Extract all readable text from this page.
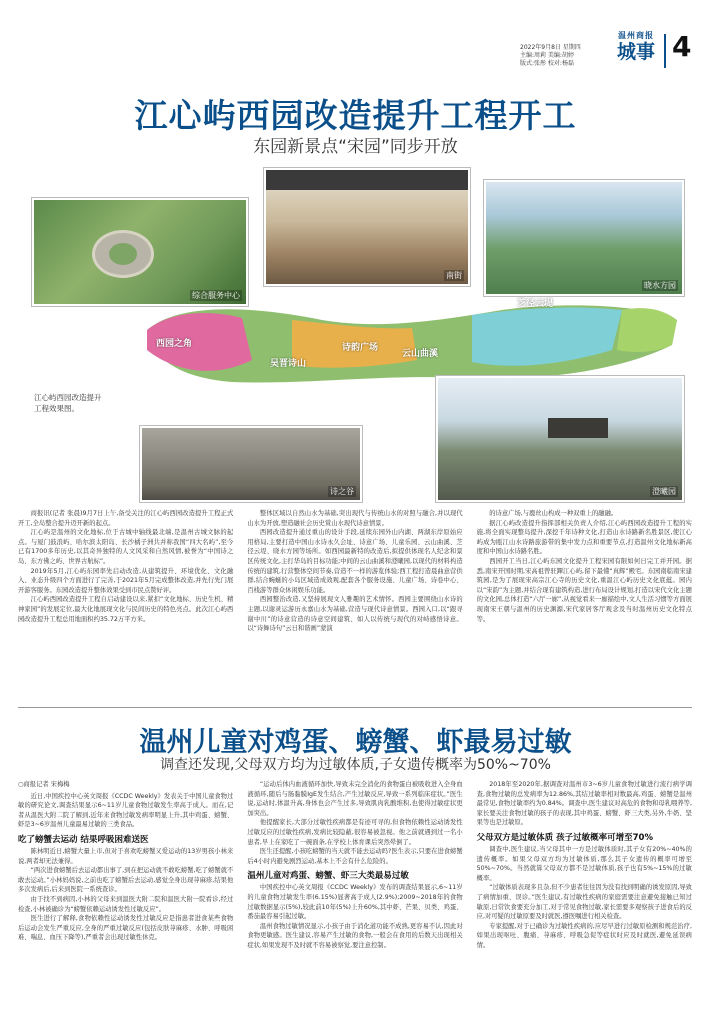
2022年9月8日 星期四
主编:周莉 美编:胡婷
版式:张彤 校对:杨磊
温州商报
城事 4
江心屿西园改造提升工程开工
东园新景点“宋园”同步开放
西园之角	诗韵广场
芝径云堤
云山曲溪
吴晋诗山
综合服务中心
南街
晓水方园
诗之谷	澄曦园
江心屿西园改造提升工程效果图。

商报讯(记者 张晨)9月7日上午,备受关注的江心屿西园改造提升工程正式开工,全岛整合提升迈开新的起点。

江心屿是温州的文化地标,位于古城中轴线最北端,是温州古城文脉的起点。与厦门鼓浪屿、哈尔滨太阳岛、长沙橘子洲共并称我国“四大名屿”,至今已有1700多年历史,以其奇异独特的人文风采和自然风情,被誉为“中国诗之岛、东方佛之屿、世界古航标”。

2019年5月,江心屿东园率先启动改造,从建筑提升、环境优化、文化融入、业态升级四个方面进行了完善,于2021年5月完成整体改造,并先行先门展开游客服务。东园改造提升整体效果受到市民点赞好评。

江心屿西园改造提升工程自启动建设以来,紧扣“文化地标、历史生机、精神家园”的发展定位,最大化地展现文化与民间历史的特色亮点。此次江心屿西园改造提升工程总用地面积约35.72万平方米。

整体区域以自然山水为基础,突出现代与传统山水的对照与融合,并以现代山水为开放,塑造融社会历史赏山水现代诗意情景。

西园改造提升通过重山的设计手段,延续东园外山内湖、两湖东岸原始应用格局,主要打造中国山水诗永久会址、诗意广场、儿童乐园、云山曲溪、芝径云堤、晓水方园等场所。如西园最新特的改造后,拟提供体现名人纪念和景区传统文化,主打华岛的目标功能;中间的云山曲溪和澄曦园,以现代的材料构造传统的建筑,行营整体空间节奏,营造不一样的游览体验;西工程打造晨曲意营供群,结合蜿蜒的小岛区域造成效观,配套各个服务设施、儿童广场、诗卷中心、百栈游等群众休闲娱乐功能。

西园整治改造,又坚持展现文人雅趣的艺术情怀。西园主要围绕山水诗的主题,以谢灵运游历永嘉山水为基础,营造与现代诗意情景。西园入口,以“跟寻谢中川”的诗意营造的诗意空间建筑、如人以传统与现代的对峙感悟诗意。以“诗舞诗句”云日和谐画”蒙演

的诗意广场,与鹿丝山构成一种双重上的融融。

据江心屿改造提升指挥部相关负责人介绍,江心屿西园改造提升工程的实施,将全面实现整岛提升,深挖千年诗种文化,打造山水诗路新名胜景区,使江心屿成为瓯江山水诗路旅游带的集中发力点和重要节点,打造温州文化地标新高度和中国山水诗路名胜。

西园开工当日,江心屿东园文化提升工程宋园有限如何日完工并开园。据悉,南宋开国时期,宋高祖曾驻蹕江心屿,留下最懂“真辉”殿宅。东园南临南宋建筑园,是为了展现宋高宗江心寺的历史文化,重温江心屿历史文化底蕴。园内以“宋韵”为主题,并结合现有建筑构造,进行布局设计规划,打造以宋代文化主题的文化园,总体打造“六厅一廊”,从视觉看来一廊描绘中,文人生活习惯等方面展现南宋王朝与温州的历史渊源,宋代家居客厅观念及当时温州历史文化特点等。

温州儿童对鸡蛋、螃蟹、虾最易过敏
调查还发现,父母双方均为过敏体质,子女遗传概率为50%~70%
○商报记者 宋梅梅

近日,中国疾控中心英文周报《CCDC Weekly》发表关于中国儿童食物过敏的研究论文,调查结果显示6~11岁儿童食物过敏发生率高于成人。而在,记者从温医大附二院了解到,近年来食物过敏发病率明显上升,其中鸡蛋、螃蟹、虾是3~6岁温州儿童最易过敏的三类食品。

吃了螃蟹去运动 结果呼吸困难送医

陈林明近日,螃蟹大量上市,但对于喜欢吃螃蟹又爱运动的13岁男孩小林来说,两者却无法兼得。

“两次进食螃蟹后去运动都出事了,到在把运动就不敢吃螃蟹,吃了螃蟹就不敢去运动。”小林妈妈说,之前也吃了螃蟹后去运动,感觉全身出现荨麻疹,结果他多次发病后,后来到医院一系统查诊。

由于找不到病因,小林的父母来到温医大附二院和温医大附一院看诊,经过检查,小林被确诊为“螃蟹依赖运动诱发性过敏反应”。

医生进行了解释,食物依赖性运动诱发性过敏反应是指患者进食某些食物后运动会发生严重反应,全身的严重过敏反应(包括皮肤荨麻疹、水肿、呼吸困难、喘息、血压下降等),严重者会出现过敏性休克。

“运动后体内血液循环加快,导致未完全消化的食物蛋白被吸收进入全身血液循环,随后与肠黏膜IgE发生结合,产生过敏反应,导致一系列临床症状。”医生说,运动时,体温升高,身体也会产生过多,导致肌肉乳酸堆积,也使得过敏症状更加突出。

他提醒家长,大部分过敏性疾病都是有迹可寻的,但食物依赖性运动诱发性过敏反应的过敏性疾病,发病比较隐蔽,很容易被忽视。他之前就遇到过一名小患者,早上在家吃了一碗面条,在学校上体育课后突然晕倒了。

医生还提醒,小孩吃螃蟹的当天就不能去运动吗?医生表示,只要在进食螃蟹后4小时内避免剧烈运动,基本上不会有什么危险的。

温州儿童对鸡蛋、螃蟹、虾三大类最易过敏

中国疾控中心英文周报《CCDC Weekly》发布的调查结果显示,6~11岁的儿童食物过敏发生率(6.15%)显著高于成人(2.9%);2009~2018年的食物过敏数据显示(5%),较此前10年(5%)上升60%,其中虾、芒果、贝类、鸡蛋、番茄最容易引起过敏。

温州食物过敏情况显示,小孩子由于消化道功能不成熟,更容易不认,因此对食物更敏感。医生建议,容易产生过敏的食物,一般会在食用的后数天出现相关症状,如果发现不及时就不容易被察觉,要注意控制。

2018年至2020年,据调查对温州市3~6岁儿童食物过敏进行流行病学调查,食物过敏的总发病率为12.86%,其结过敏率相对数最高,鸡蛋、螃蟹是温州最常见,食物过敏率约为0.84%。调查中,医生建议对高危的食物和母乳喂养等,家长要关注食物过敏的孩子的表现,其中鸡蛋、螃蟹、虾三大类,另外,牛奶、坚果等也是过敏原。

父母双方是过敏体质 孩子过敏概率可增至70%

调查中,医生建议,当父母其中一方是过敏体质时,其子女有20%~40%的遗传概率。如果父母双方均为过敏体质,那么其子女遗传的概率可增至50%~70%。当然就算父母双方都不是过敏体质,孩子也有5%~15%的过敏概率。

“过敏体质表现多且杂,但不少患者往往因为没有找到明确的诱发原因,导致了病情加重、误诊。”医生建议,有过敏性疾病的家庭需要注意避免接触已知过敏原,日常饮食要充分加工,对于常见食物过敏,家长需要多观察孩子进食后的反应,对可疑的过敏原要及时就医,遵医嘱进行相关检查。

专家提醒,对于已确诊为过敏性疾病的,应尽早进行过敏原检测和规范治疗,如果出现呕吐、腹痛、荨麻疹、呼吸急促等症状时应及时就医,避免延误病情。
